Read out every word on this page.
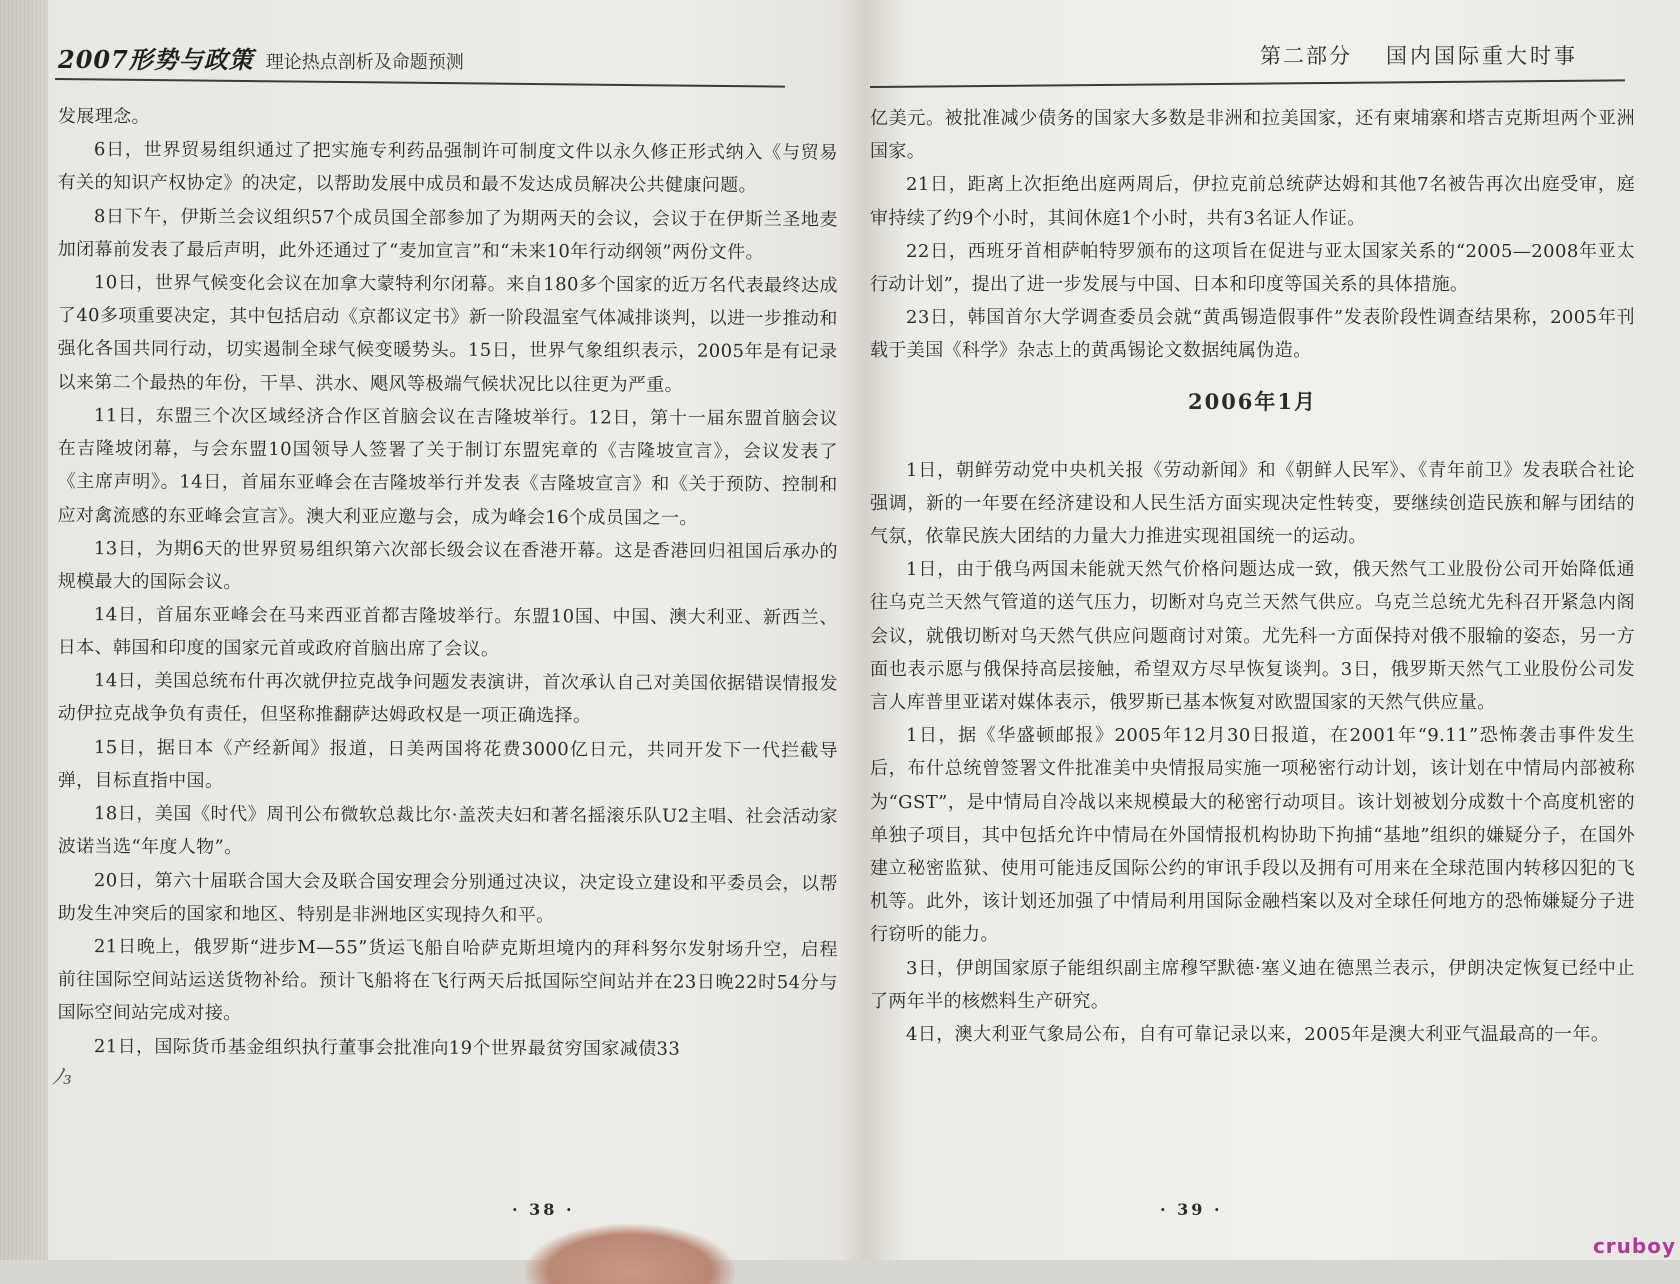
2007形势与政策 理论热点剖析及命题预测

发展理念。

6日，世界贸易组织通过了把实施专利药品强制许可制度文件以永久修正形式纳入《与贸易有关的知识产权协定》的决定，以帮助发展中成员和最不发达成员解决公共健康问题。

8日下午，伊斯兰会议组织57个成员国全部参加了为期两天的会议，会议于在伊斯兰圣地麦加闭幕前发表了最后声明，此外还通过了“麦加宣言”和“未来10年行动纲领”两份文件。

10日，世界气候变化会议在加拿大蒙特利尔闭幕。来自180多个国家的近万名代表最终达成了40多项重要决定，其中包括启动《京都议定书》新一阶段温室气体减排谈判，以进一步推动和强化各国共同行动，切实遏制全球气候变暖势头。15日，世界气象组织表示，2005年是有记录以来第二个最热的年份，干旱、洪水、飓风等极端气候状况比以往更为严重。

11日，东盟三个次区域经济合作区首脑会议在吉隆坡举行。12日，第十一届东盟首脑会议在吉隆坡闭幕，与会东盟10国领导人签署了关于制订东盟宪章的《吉隆坡宣言》，会议发表了《主席声明》。14日，首届东亚峰会在吉隆坡举行并发表《吉隆坡宣言》和《关于预防、控制和应对禽流感的东亚峰会宣言》。澳大利亚应邀与会，成为峰会16个成员国之一。

13日，为期6天的世界贸易组织第六次部长级会议在香港开幕。这是香港回归祖国后承办的规模最大的国际会议。

14日，首届东亚峰会在马来西亚首都吉隆坡举行。东盟10国、中国、澳大利亚、新西兰、日本、韩国和印度的国家元首或政府首脑出席了会议。

14日，美国总统布什再次就伊拉克战争问题发表演讲，首次承认自己对美国依据错误情报发动伊拉克战争负有责任，但坚称推翻萨达姆政权是一项正确选择。

15日，据日本《产经新闻》报道，日美两国将花费3000亿日元，共同开发下一代拦截导弹，目标直指中国。

18日，美国《时代》周刊公布微软总裁比尔·盖茨夫妇和著名摇滚乐队U2主唱、社会活动家波诺当选“年度人物”。

20日，第六十届联合国大会及联合国安理会分别通过决议，决定设立建设和平委员会，以帮助发生冲突后的国家和地区、特别是非洲地区实现持久和平。

21日晚上，俄罗斯“进步M—55”货运飞船自哈萨克斯坦境内的拜科努尔发射场升空，启程前往国际空间站运送货物补给。预计飞船将在飞行两天后抵国际空间站并在23日晚22时54分与国际空间站完成对接。

21日，国际货币基金组织执行董事会批准向19个世界最贫穷国家减债33

· 38 ·
ﾉ₃
第二部分 国内国际重大时事

亿美元。被批准减少债务的国家大多数是非洲和拉美国家，还有柬埔寨和塔吉克斯坦两个亚洲国家。

21日，距离上次拒绝出庭两周后，伊拉克前总统萨达姆和其他7名被告再次出庭受审，庭审持续了约9个小时，其间休庭1个小时，共有3名证人作证。

22日，西班牙首相萨帕特罗颁布的这项旨在促进与亚太国家关系的“2005—2008年亚太行动计划”，提出了进一步发展与中国、日本和印度等国关系的具体措施。

23日，韩国首尔大学调查委员会就“黄禹锡造假事件”发表阶段性调查结果称，2005年刊载于美国《科学》杂志上的黄禹锡论文数据纯属伪造。

2006年1月

1日，朝鲜劳动党中央机关报《劳动新闻》和《朝鲜人民军》、《青年前卫》发表联合社论强调，新的一年要在经济建设和人民生活方面实现决定性转变，要继续创造民族和解与团结的气氛，依靠民族大团结的力量大力推进实现祖国统一的运动。

1日，由于俄乌两国未能就天然气价格问题达成一致，俄天然气工业股份公司开始降低通往乌克兰天然气管道的送气压力，切断对乌克兰天然气供应。乌克兰总统尤先科召开紧急内阁会议，就俄切断对乌天然气供应问题商讨对策。尤先科一方面保持对俄不服输的姿态，另一方面也表示愿与俄保持高层接触，希望双方尽早恢复谈判。3日，俄罗斯天然气工业股份公司发言人库普里亚诺对媒体表示，俄罗斯已基本恢复对欧盟国家的天然气供应量。

1日，据《华盛顿邮报》2005年12月30日报道，在2001年“9.11”恐怖袭击事件发生后，布什总统曾签署文件批准美中央情报局实施一项秘密行动计划，该计划在中情局内部被称为“GST”，是中情局自冷战以来规模最大的秘密行动项目。该计划被划分成数十个高度机密的单独子项目，其中包括允许中情局在外国情报机构协助下拘捕“基地”组织的嫌疑分子，在国外建立秘密监狱、使用可能违反国际公约的审讯手段以及拥有可用来在全球范围内转移囚犯的飞机等。此外，该计划还加强了中情局利用国际金融档案以及对全球任何地方的恐怖嫌疑分子进行窃听的能力。

3日，伊朗国家原子能组织副主席穆罕默德·塞义迪在德黑兰表示，伊朗决定恢复已经中止了两年半的核燃料生产研究。

4日，澳大利亚气象局公布，自有可靠记录以来，2005年是澳大利亚气温最高的一年。

· 39 ·
cruboy
